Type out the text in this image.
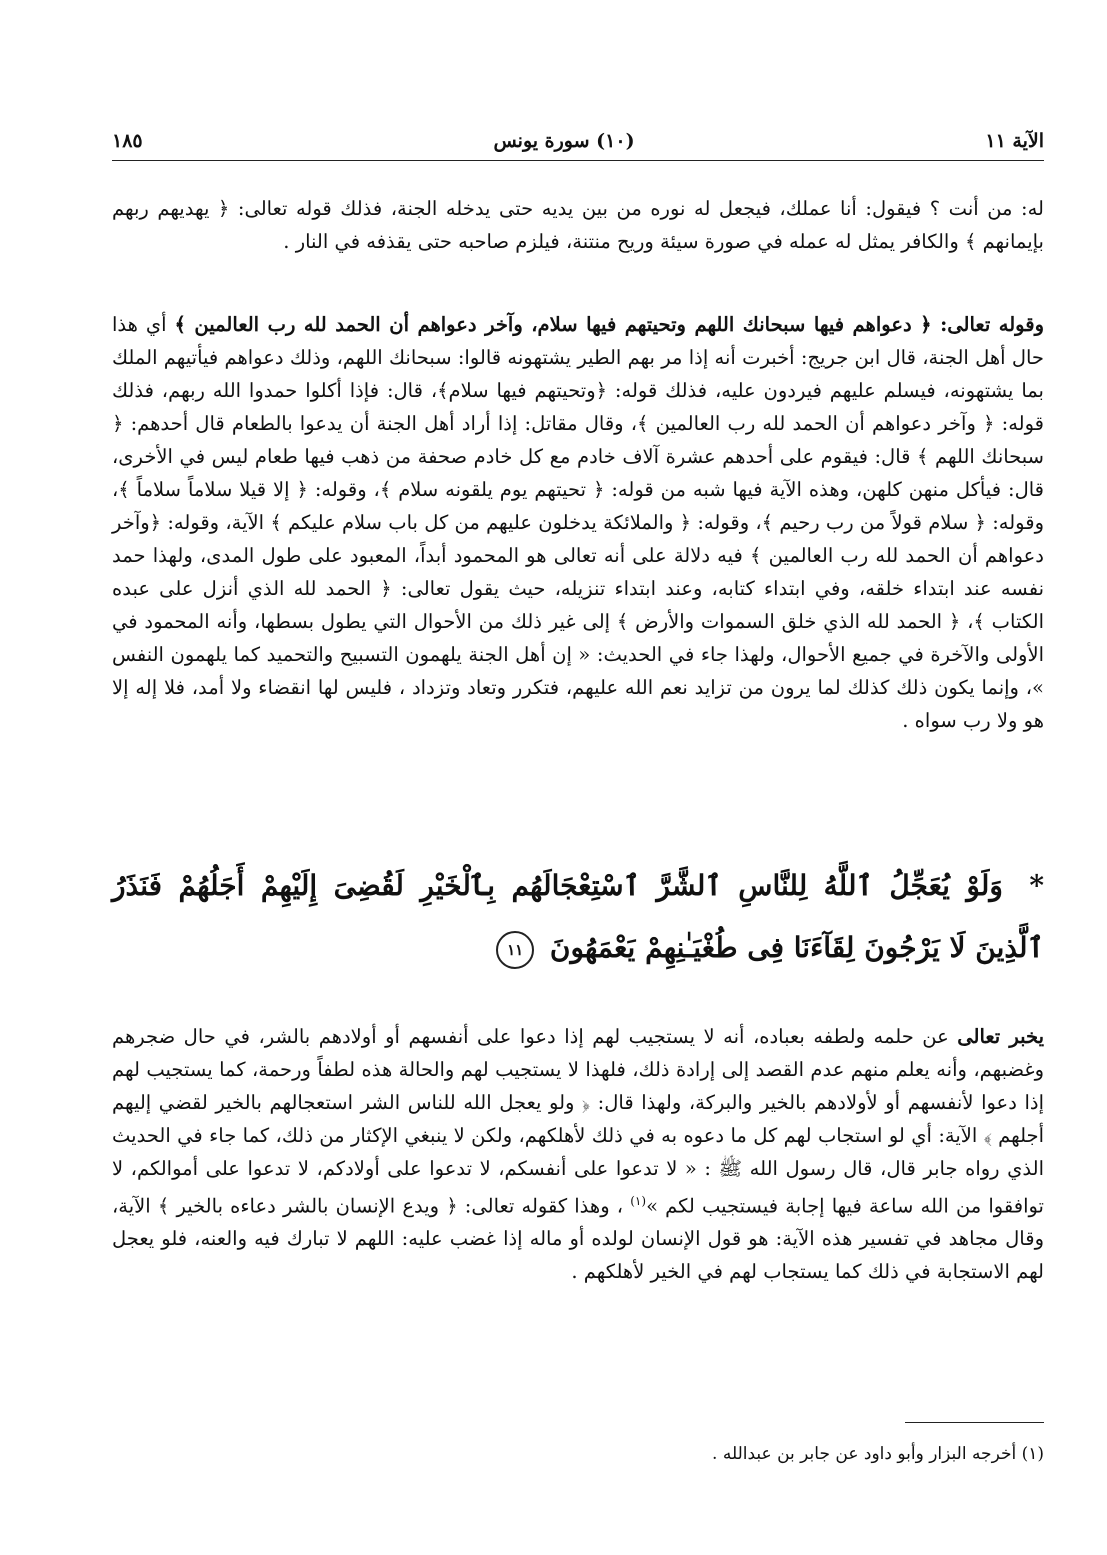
الآية ١١
(١٠) سورة يونس
١٨٥

له: من أنت ؟ فيقول: أنا عملك، فيجعل له نوره من بين يديه حتى يدخله الجنة، فذلك قوله تعالى: ﴿ يهديهم ربهم بإيمانهم ﴾ والكافر يمثل له عمله في صورة سيئة وريح منتنة، فيلزم صاحبه حتى يقذفه في النار .

وقوله تعالى: ﴿ دعواهم فيها سبحانك اللهم وتحيتهم فيها سلام، وآخر دعواهم أن الحمد لله رب العالمين ﴾ أي هذا حال أهل الجنة، قال ابن جريج: أخبرت أنه إذا مر بهم الطير يشتهونه قالوا: سبحانك اللهم، وذلك دعواهم فيأتيهم الملك بما يشتهونه، فيسلم عليهم فيردون عليه، فذلك قوله: ﴿وتحيتهم فيها سلام﴾، قال: فإذا أكلوا حمدوا الله ربهم، فذلك قوله: ﴿ وآخر دعواهم أن الحمد لله رب العالمين ﴾، وقال مقاتل: إذا أراد أهل الجنة أن يدعوا بالطعام قال أحدهم: ﴿ سبحانك اللهم ﴾ قال: فيقوم على أحدهم عشرة آلاف خادم مع كل خادم صحفة من ذهب فيها طعام ليس في الأخرى، قال: فيأكل منهن كلهن، وهذه الآية فيها شبه من قوله: ﴿ تحيتهم يوم يلقونه سلام ﴾، وقوله: ﴿ إلا قيلا سلاماً سلاماً ﴾، وقوله: ﴿ سلام قولاً من رب رحيم ﴾، وقوله: ﴿ والملائكة يدخلون عليهم من كل باب سلام عليكم ﴾ الآية، وقوله: ﴿وآخر دعواهم أن الحمد لله رب العالمين ﴾ فيه دلالة على أنه تعالى هو المحمود أبداً، المعبود على طول المدى، ولهذا حمد نفسه عند ابتداء خلقه، وفي ابتداء كتابه، وعند ابتداء تنزيله، حيث يقول تعالى: ﴿ الحمد لله الذي أنزل على عبده الكتاب ﴾، ﴿ الحمد لله الذي خلق السموات والأرض ﴾ إلى غير ذلك من الأحوال التي يطول بسطها، وأنه المحمود في الأولى والآخرة في جميع الأحوال، ولهذا جاء في الحديث: « إن أهل الجنة يلهمون التسبيح والتحميد كما يلهمون النفس »، وإنما يكون ذلك كذلك لما يرون من تزايد نعم الله عليهم، فتكرر وتعاد وتزداد ، فليس لها انقضاء ولا أمد، فلا إله إلا هو ولا رب سواه .

* وَلَوْ يُعَجِّلُ ٱللَّهُ لِلنَّاسِ ٱلشَّرَّ ٱسْتِعْجَالَهُم بِٱلْخَيْرِ لَقُضِىَ إِلَيْهِمْ أَجَلُهُمْ فَنَذَرُ ٱلَّذِينَ لَا يَرْجُونَ لِقَآءَنَا فِى طُغْيَـٰنِهِمْ يَعْمَهُونَ ١١

يخبر تعالى عن حلمه ولطفه بعباده، أنه لا يستجيب لهم إذا دعوا على أنفسهم أو أولادهم بالشر، في حال ضجرهم وغضبهم، وأنه يعلم منهم عدم القصد إلى إرادة ذلك، فلهذا لا يستجيب لهم والحالة هذه لطفاً ورحمة، كما يستجيب لهم إذا دعوا لأنفسهم أو لأولادهم بالخير والبركة، ولهذا قال: ﴿ ولو يعجل الله للناس الشر استعجالهم بالخير لقضي إليهم أجلهم ﴾ الآية: أي لو استجاب لهم كل ما دعوه به في ذلك لأهلكهم، ولكن لا ينبغي الإكثار من ذلك، كما جاء في الحديث الذي رواه جابر قال، قال رسول الله ﷺ : « لا تدعوا على أنفسكم، لا تدعوا على أولادكم، لا تدعوا على أموالكم، لا توافقوا من الله ساعة فيها إجابة فيستجيب لكم »$^{(١)}$ ، وهذا كقوله تعالى: ﴿ ويدع الإنسان بالشر دعاءه بالخير ﴾ الآية، وقال مجاهد في تفسير هذه الآية: هو قول الإنسان لولده أو ماله إذا غضب عليه: اللهم لا تبارك فيه والعنه، فلو يعجل لهم الاستجابة في ذلك كما يستجاب لهم في الخير لأهلكهم .

(١) أخرجه البزار وأبو داود عن جابر بن عبدالله .
